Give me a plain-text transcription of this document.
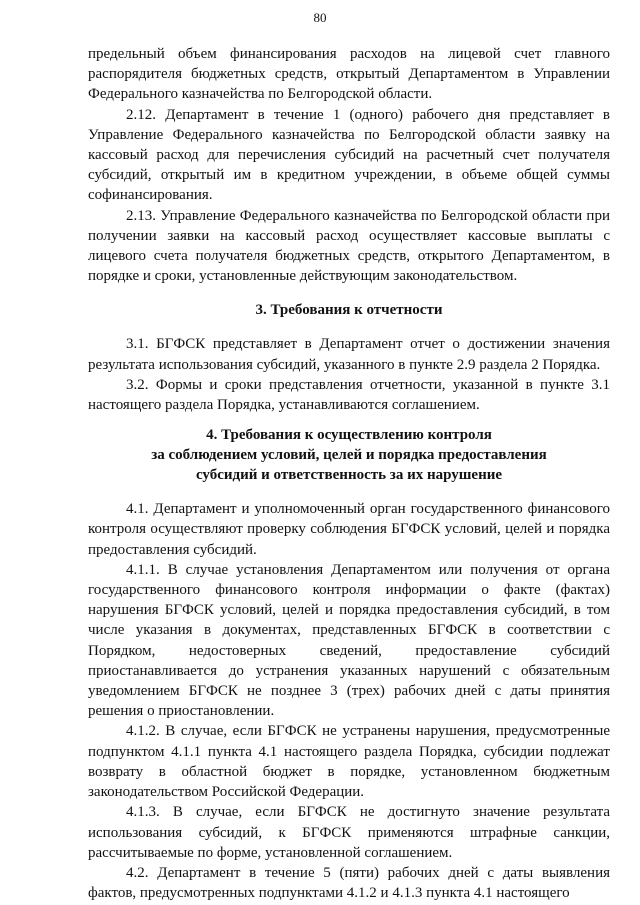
80

предельный объем финансирования расходов на лицевой счет главного распорядителя бюджетных средств, открытый Департаментом в Управлении Федерального казначейства по Белгородской области.

2.12. Департамент в течение 1 (одного) рабочего дня представляет в Управление Федерального казначейства по Белгородской области заявку на кассовый расход для перечисления субсидий на расчетный счет получателя субсидий, открытый им в кредитном учреждении, в объеме общей суммы софинансирования.

2.13. Управление Федерального казначейства по Белгородской области при получении заявки на кассовый расход осуществляет кассовые выплаты с лицевого счета получателя бюджетных средств, открытого Департаментом, в порядке и сроки, установленные действующим законодательством.

3. Требования к отчетности

3.1. БГФСК представляет в Департамент отчет о достижении значения результата использования субсидий, указанного в пункте 2.9 раздела 2 Порядка.

3.2. Формы и сроки представления отчетности, указанной в пункте 3.1 настоящего раздела Порядка, устанавливаются соглашением.

4. Требования к осуществлению контроля
за соблюдением условий, целей и порядка предоставления
субсидий и ответственность за их нарушение

4.1. Департамент и уполномоченный орган государственного финансового контроля осуществляют проверку соблюдения БГФСК условий, целей и порядка предоставления субсидий.

4.1.1. В случае установления Департаментом или получения от органа государственного финансового контроля информации о факте (фактах) нарушения БГФСК условий, целей и порядка предоставления субсидий, в том числе указания в документах, представленных БГФСК в соответствии с Порядком, недостоверных сведений, предоставление субсидий приостанавливается до устранения указанных нарушений с обязательным уведомлением БГФСК не позднее 3 (трех) рабочих дней с даты принятия решения о приостановлении.

4.1.2. В случае, если БГФСК не устранены нарушения, предусмотренные подпунктом 4.1.1 пункта 4.1 настоящего раздела Порядка, субсидии подлежат возврату в областной бюджет в порядке, установленном бюджетным законодательством Российской Федерации.

4.1.3. В случае, если БГФСК не достигнуто значение результата использования субсидий, к БГФСК применяются штрафные санкции, рассчитываемые по форме, установленной соглашением.

4.2. Департамент в течение 5 (пяти) рабочих дней с даты выявления фактов, предусмотренных подпунктами 4.1.2 и 4.1.3 пункта 4.1 настоящего
